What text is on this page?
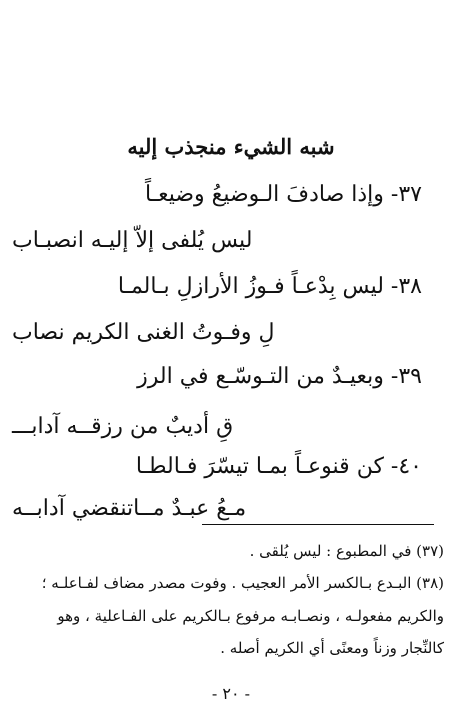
شبه الشيء منجذب إليه
٣٧- وإذا صادفَ الـوضيعُ وضيعـاً
ليس يُلفى إلاّ إليـه انصبـاب
٣٨- ليس بِدْعـاً فـوزُ الأرازلِ بـالمـا
لِ وفـوتُ الغنى الكريم نصاب
٣٩- وبعيـدٌ من التـوسّـع في الرز
قِ أديبٌ من رزقــه آدابـــ
٤٠- كن قنوعـاً بمـا تيسّرَ فـالطـا
مـعُ عبـدٌ مــاتنقضي آدابــه
(٣٧) في المطبوع : ليس يُلقى .
(٣٨) البـدع بـالكسر الأمر العجيب . وفوت مصدر مضاف لفـاعلـه ؛
والكريم مفعولـه ، ونصـابـه مرفوع بـالكريم على الفـاعلية ، وهو
كالنِّجار وزناً ومعنًى أي الكريم أصله .
- ٢٠ -
